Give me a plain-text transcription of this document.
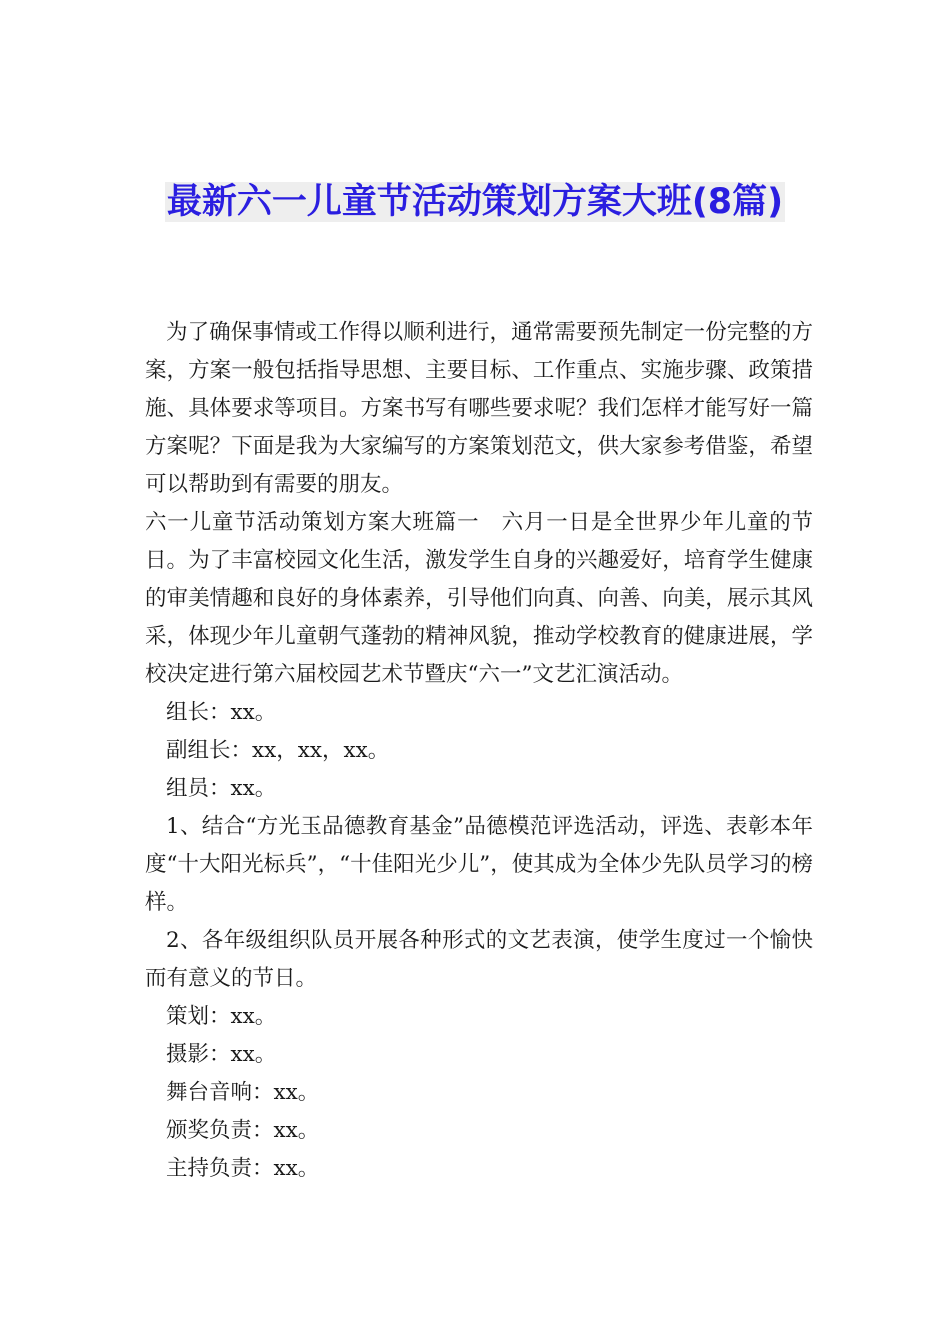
最新六一儿童节活动策划方案大班(8篇)

为了确保事情或工作得以顺利进行，通常需要预先制定一份完整的方案，方案一般包括指导思想、主要目标、工作重点、实施步骤、政策措施、具体要求等项目。方案书写有哪些要求呢？我们怎样才能写好一篇方案呢？下面是我为大家编写的方案策划范文，供大家参考借鉴，希望可以帮助到有需要的朋友。

六一儿童节活动策划方案大班篇一　六月一日是全世界少年儿童的节日。为了丰富校园文化生活，激发学生自身的兴趣爱好，培育学生健康的审美情趣和良好的身体素养，引导他们向真、向善、向美，展示其风采，体现少年儿童朝气蓬勃的精神风貌，推动学校教育的健康进展，学校决定进行第六届校园艺术节暨庆“六一”文艺汇演活动。

组长：xx。

副组长：xx，xx，xx。

组员：xx。

1、结合“方光玉品德教育基金”品德模范评选活动，评选、表彰本年度“十大阳光标兵”，“十佳阳光少儿”，使其成为全体少先队员学习的榜样。

2、各年级组织队员开展各种形式的文艺表演，使学生度过一个愉快而有意义的节日。

策划：xx。

摄影：xx。

舞台音响：xx。

颁奖负责：xx。

主持负责：xx。
